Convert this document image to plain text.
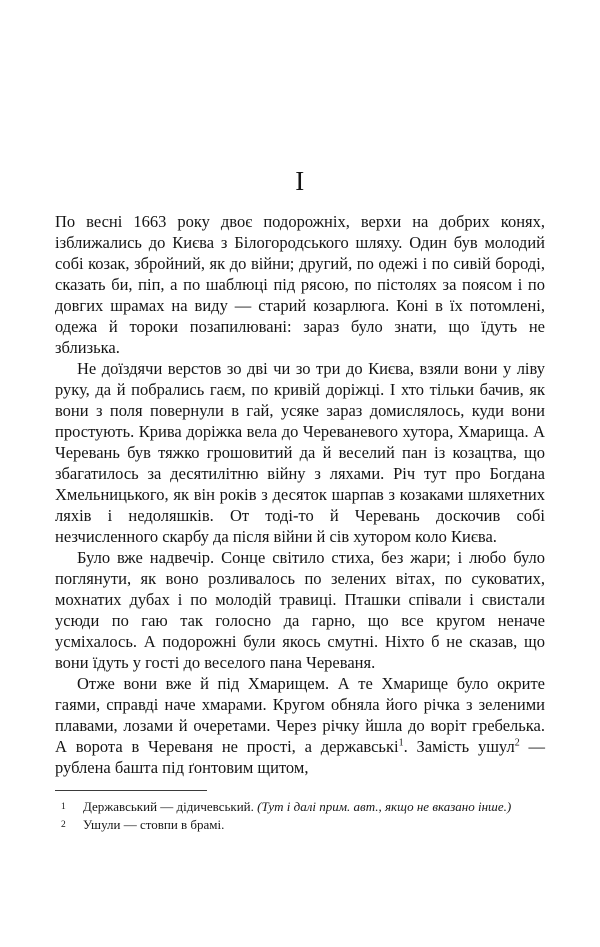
I

По весні 1663 року двоє подорожніх, верхи на добрих конях, ізближались до Києва з Білогородського шляху. Один був молодий собі козак, збройний, як до війни; другий, по одежі і по сивій бороді, сказать би, піп, а по шаблюці під рясою, по пістолях за поясом і по довгих шрамах на виду — старий козарлюга. Коні в їх потомлені, одежа й тороки позапилювані: зараз було знати, що їдуть не зблизька.

Не доїздячи верстов зо дві чи зо три до Києва, взяли вони у ліву руку, да й побрались гаєм, по кривій доріжці. І хто тільки бачив, як вони з поля повернули в гай, усяке зараз домислялось, куди вони простують. Крива доріжка вела до Череваневого хутора, Хмарища. А Черевань був тяжко грошовитий да й веселий пан із козацтва, що збагатилось за десятилітню війну з ляхами. Річ тут про Богдана Хмельницького, як він років з десяток шарпав з козаками шляхетних ляхів і недоляшків. От тоді-то й Черевань доскочив собі незчисленного скарбу да після війни й сів хутором коло Києва.

Було вже надвечір. Сонце світило стиха, без жари; і любо було поглянути, як воно розливалось по зелених вітах, по суковатих, мохнатих дубах і по молодій травиці. Пташки співали і свистали усюди по гаю так голосно да гарно, що все кругом неначе усміхалось. А подорожні були якось смутні. Ніхто б не сказав, що вони їдуть у гості до веселого пана Череваня.

Отже вони вже й під Хмарищем. А те Хмарище було окрите гаями, справді наче хмарами. Кругом обняла його річка з зеленими плавами, лозами й очеретами. Через річку йшла до воріт гребелька. А ворота в Череваня не прості, а державські$^1$. Замість ушул$^2$ — рублена башта під ґонтовим щитом,

1 Державський — дідичевський. (Тут і далі прим. авт., якщо не вказано інше.)
2 Ушули — стовпи в брамі.
